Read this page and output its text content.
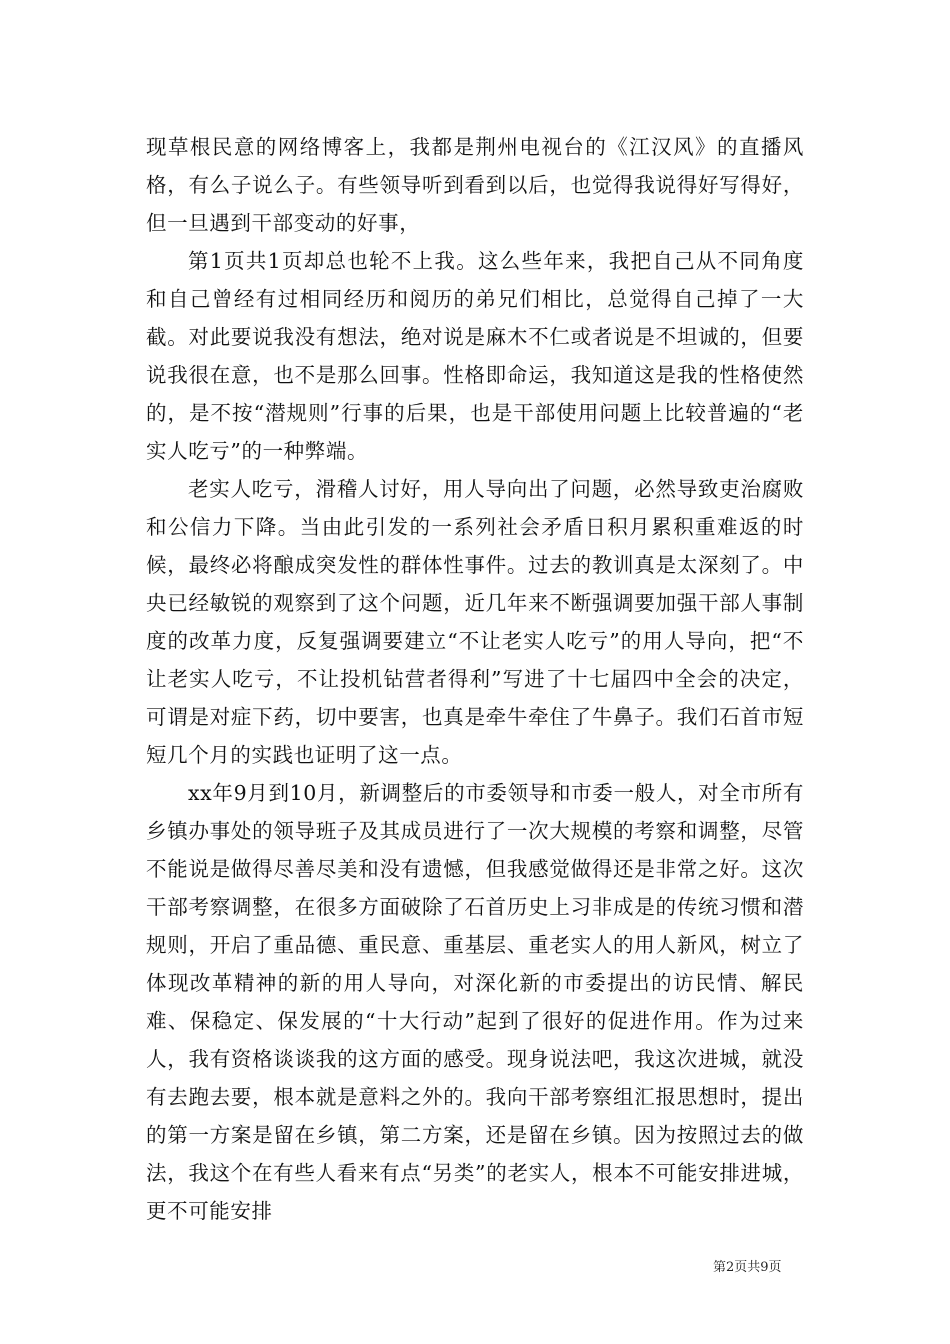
现草根民意的网络博客上，我都是荆州电视台的《江汉风》的直播风格，有么子说么子。有些领导听到看到以后，也觉得我说得好写得好，但一旦遇到干部变动的好事，

第1页共1页却总也轮不上我。这么些年来，我把自己从不同角度和自己曾经有过相同经历和阅历的弟兄们相比，总觉得自己掉了一大截。对此要说我没有想法，绝对说是麻木不仁或者说是不坦诚的，但要说我很在意，也不是那么回事。性格即命运，我知道这是我的性格使然的，是不按“潜规则”行事的后果，也是干部使用问题上比较普遍的“老实人吃亏”的一种弊端。

老实人吃亏，滑稽人讨好，用人导向出了问题，必然导致吏治腐败和公信力下降。当由此引发的一系列社会矛盾日积月累积重难返的时候，最终必将酿成突发性的群体性事件。过去的教训真是太深刻了。中央已经敏锐的观察到了这个问题，近几年来不断强调要加强干部人事制度的改革力度，反复强调要建立“不让老实人吃亏”的用人导向，把“不让老实人吃亏，不让投机钻营者得利”写进了十七届四中全会的决定，可谓是对症下药，切中要害，也真是牵牛牵住了牛鼻子。我们石首市短短几个月的实践也证明了这一点。

xx年9月到10月，新调整后的市委领导和市委一般人，对全市所有乡镇办事处的领导班子及其成员进行了一次大规模的考察和调整，尽管不能说是做得尽善尽美和没有遗憾，但我感觉做得还是非常之好。这次干部考察调整，在很多方面破除了石首历史上习非成是的传统习惯和潜规则，开启了重品德、重民意、重基层、重老实人的用人新风，树立了体现改革精神的新的用人导向，对深化新的市委提出的访民情、解民难、保稳定、保发展的“十大行动”起到了很好的促进作用。作为过来人，我有资格谈谈我的这方面的感受。现身说法吧，我这次进城，就没有去跑去要，根本就是意料之外的。我向干部考察组汇报思想时，提出的第一方案是留在乡镇，第二方案，还是留在乡镇。因为按照过去的做法，我这个在有些人看来有点“另类”的老实人，根本不可能安排进城，更不可能安排

第2页共9页
